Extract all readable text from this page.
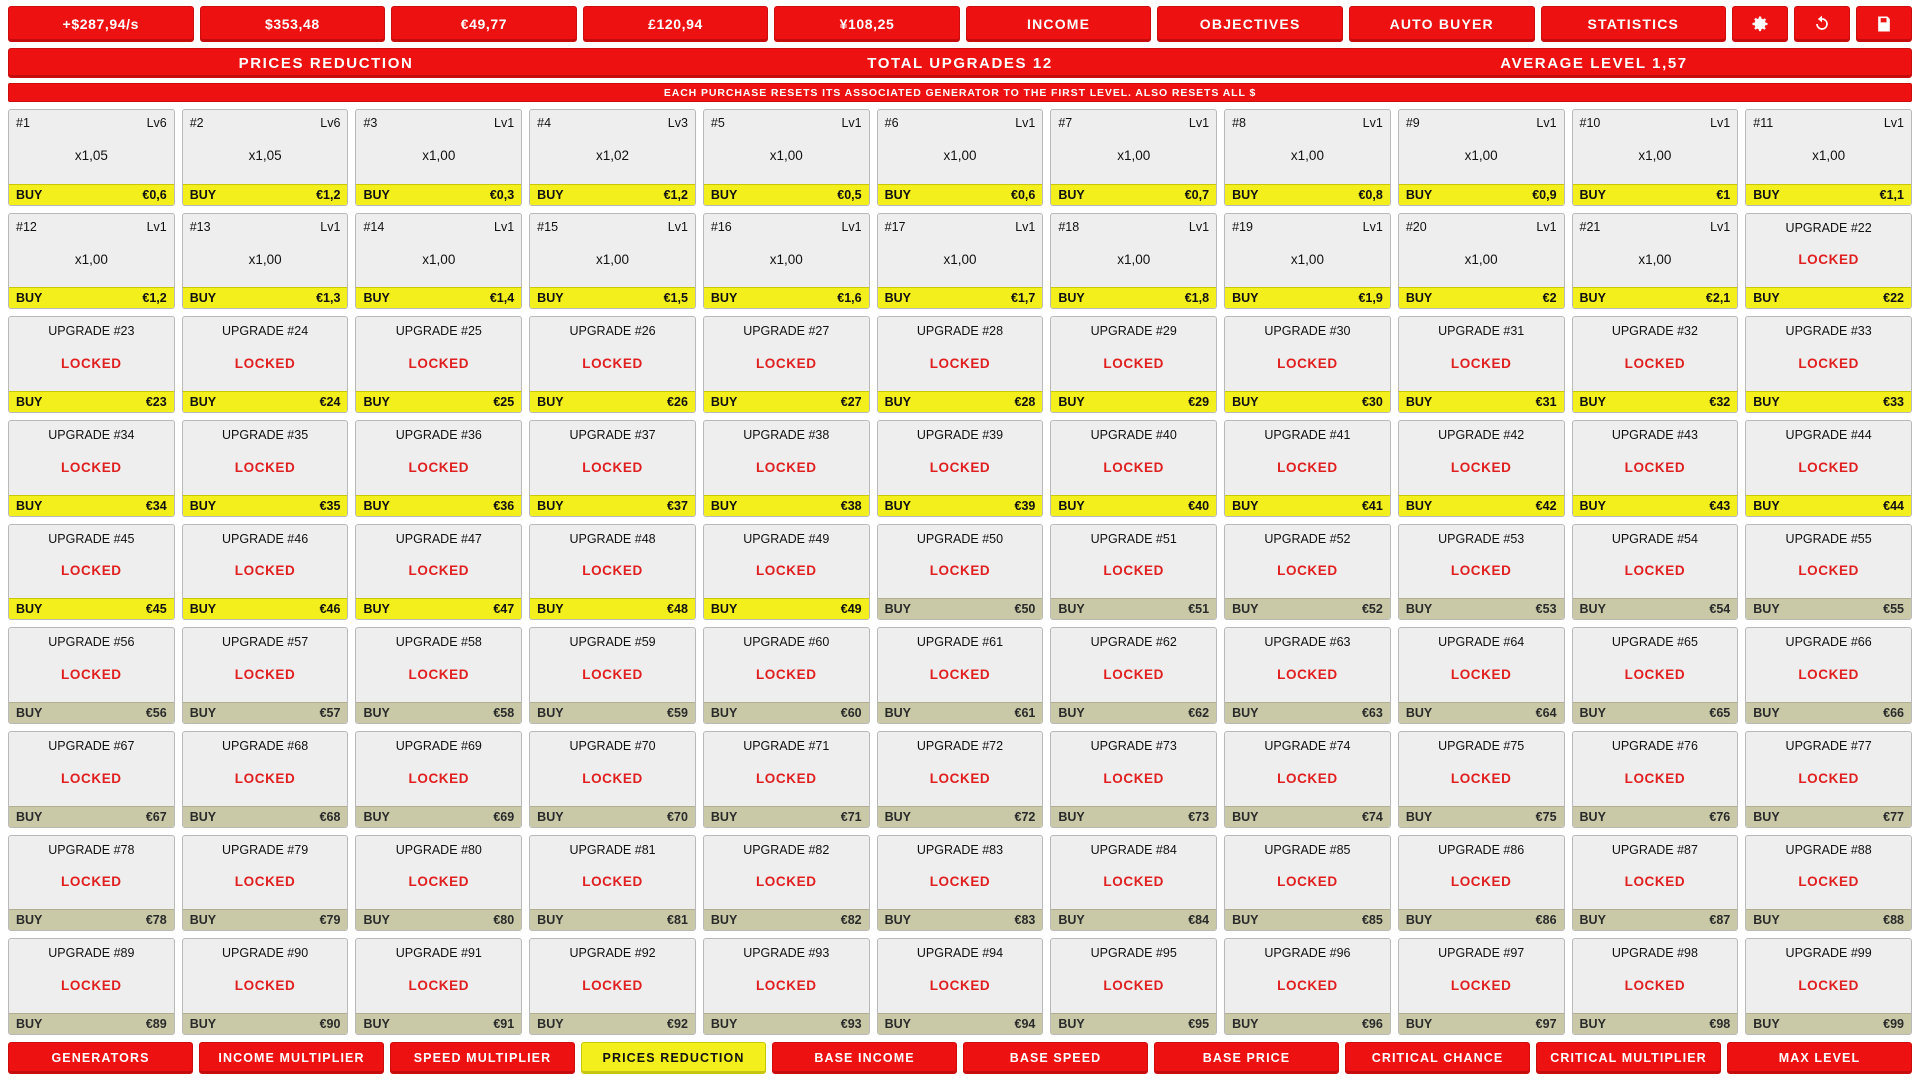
+$287,94/s	$353,48	€49,77	£120,94	¥108,25	INCOME	OBJECTIVES	AUTO BUYER	STATISTICS
PRICES REDUCTION	TOTAL UPGRADES 12	AVERAGE LEVEL 1,57
EACH PURCHASE RESETS ITS ASSOCIATED GENERATOR TO THE FIRST LEVEL. ALSO RESETS ALL $
#1	Lv6
x1,05
BUY	€0,6
#2	Lv6
x1,05
BUY	€1,2
#3	Lv1
x1,00
BUY	€0,3
#4	Lv3
x1,02
BUY	€1,2
#5	Lv1
x1,00
BUY	€0,5
#6	Lv1
x1,00
BUY	€0,6
#7	Lv1
x1,00
BUY	€0,7
#8	Lv1
x1,00
BUY	€0,8
#9	Lv1
x1,00
BUY	€0,9
#10	Lv1
x1,00
BUY	€1
#11	Lv1
x1,00
BUY	€1,1
#12	Lv1
x1,00
BUY	€1,2
#13	Lv1
x1,00
BUY	€1,3
#14	Lv1
x1,00
BUY	€1,4
#15	Lv1
x1,00
BUY	€1,5
#16	Lv1
x1,00
BUY	€1,6
#17	Lv1
x1,00
BUY	€1,7
#18	Lv1
x1,00
BUY	€1,8
#19	Lv1
x1,00
BUY	€1,9
#20	Lv1
x1,00
BUY	€2
#21	Lv1
x1,00
BUY	€2,1
UPGRADE #22
LOCKED
BUY	€22
UPGRADE #23
LOCKED
BUY	€23
UPGRADE #24
LOCKED
BUY	€24
UPGRADE #25
LOCKED
BUY	€25
UPGRADE #26
LOCKED
BUY	€26
UPGRADE #27
LOCKED
BUY	€27
UPGRADE #28
LOCKED
BUY	€28
UPGRADE #29
LOCKED
BUY	€29
UPGRADE #30
LOCKED
BUY	€30
UPGRADE #31
LOCKED
BUY	€31
UPGRADE #32
LOCKED
BUY	€32
UPGRADE #33
LOCKED
BUY	€33
UPGRADE #34
LOCKED
BUY	€34
UPGRADE #35
LOCKED
BUY	€35
UPGRADE #36
LOCKED
BUY	€36
UPGRADE #37
LOCKED
BUY	€37
UPGRADE #38
LOCKED
BUY	€38
UPGRADE #39
LOCKED
BUY	€39
UPGRADE #40
LOCKED
BUY	€40
UPGRADE #41
LOCKED
BUY	€41
UPGRADE #42
LOCKED
BUY	€42
UPGRADE #43
LOCKED
BUY	€43
UPGRADE #44
LOCKED
BUY	€44
UPGRADE #45
LOCKED
BUY	€45
UPGRADE #46
LOCKED
BUY	€46
UPGRADE #47
LOCKED
BUY	€47
UPGRADE #48
LOCKED
BUY	€48
UPGRADE #49
LOCKED
BUY	€49
UPGRADE #50
LOCKED
BUY	€50
UPGRADE #51
LOCKED
BUY	€51
UPGRADE #52
LOCKED
BUY	€52
UPGRADE #53
LOCKED
BUY	€53
UPGRADE #54
LOCKED
BUY	€54
UPGRADE #55
LOCKED
BUY	€55
UPGRADE #56
LOCKED
BUY	€56
UPGRADE #57
LOCKED
BUY	€57
UPGRADE #58
LOCKED
BUY	€58
UPGRADE #59
LOCKED
BUY	€59
UPGRADE #60
LOCKED
BUY	€60
UPGRADE #61
LOCKED
BUY	€61
UPGRADE #62
LOCKED
BUY	€62
UPGRADE #63
LOCKED
BUY	€63
UPGRADE #64
LOCKED
BUY	€64
UPGRADE #65
LOCKED
BUY	€65
UPGRADE #66
LOCKED
BUY	€66
UPGRADE #67
LOCKED
BUY	€67
UPGRADE #68
LOCKED
BUY	€68
UPGRADE #69
LOCKED
BUY	€69
UPGRADE #70
LOCKED
BUY	€70
UPGRADE #71
LOCKED
BUY	€71
UPGRADE #72
LOCKED
BUY	€72
UPGRADE #73
LOCKED
BUY	€73
UPGRADE #74
LOCKED
BUY	€74
UPGRADE #75
LOCKED
BUY	€75
UPGRADE #76
LOCKED
BUY	€76
UPGRADE #77
LOCKED
BUY	€77
UPGRADE #78
LOCKED
BUY	€78
UPGRADE #79
LOCKED
BUY	€79
UPGRADE #80
LOCKED
BUY	€80
UPGRADE #81
LOCKED
BUY	€81
UPGRADE #82
LOCKED
BUY	€82
UPGRADE #83
LOCKED
BUY	€83
UPGRADE #84
LOCKED
BUY	€84
UPGRADE #85
LOCKED
BUY	€85
UPGRADE #86
LOCKED
BUY	€86
UPGRADE #87
LOCKED
BUY	€87
UPGRADE #88
LOCKED
BUY	€88
UPGRADE #89
LOCKED
BUY	€89
UPGRADE #90
LOCKED
BUY	€90
UPGRADE #91
LOCKED
BUY	€91
UPGRADE #92
LOCKED
BUY	€92
UPGRADE #93
LOCKED
BUY	€93
UPGRADE #94
LOCKED
BUY	€94
UPGRADE #95
LOCKED
BUY	€95
UPGRADE #96
LOCKED
BUY	€96
UPGRADE #97
LOCKED
BUY	€97
UPGRADE #98
LOCKED
BUY	€98
UPGRADE #99
LOCKED
BUY	€99
GENERATORS	INCOME MULTIPLIER	SPEED MULTIPLIER	PRICES REDUCTION	BASE INCOME	BASE SPEED	BASE PRICE	CRITICAL CHANCE	CRITICAL MULTIPLIER	MAX LEVEL
